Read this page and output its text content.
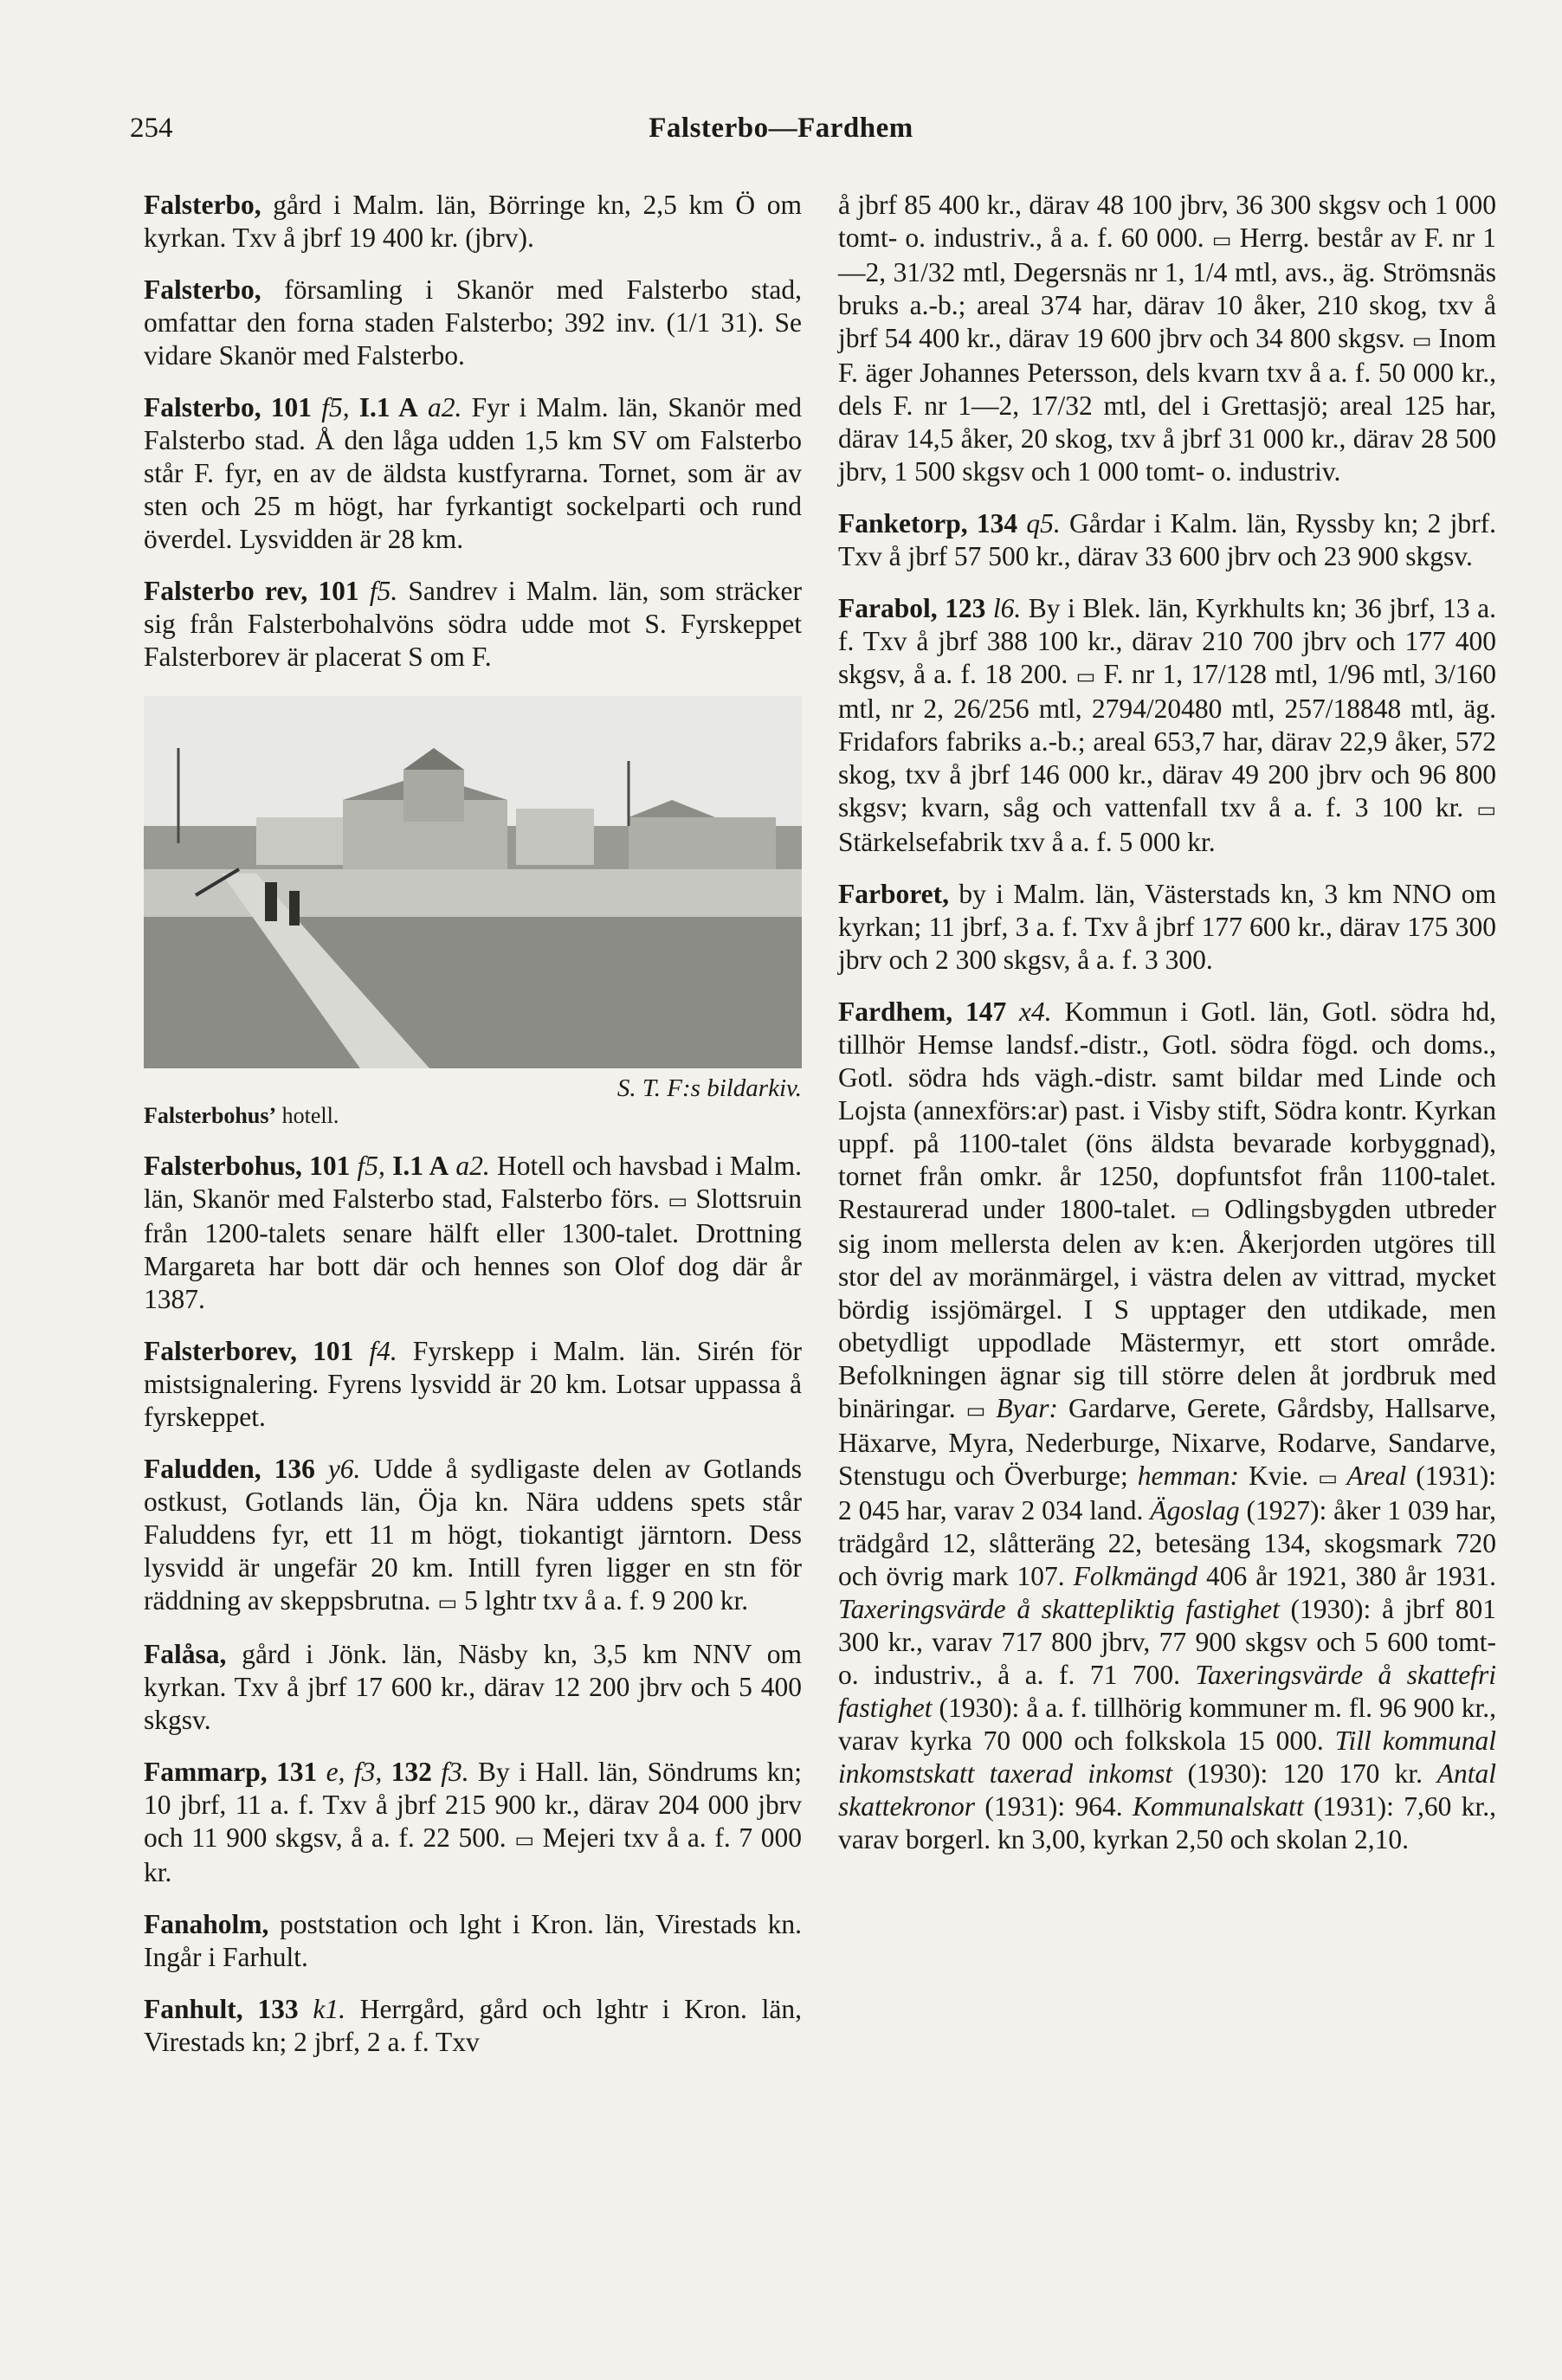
254	Falsterbo—Fardhem

Falsterbo, gård i Malm. län, Börringe kn, 2,5 km Ö om kyrkan. Txv å jbrf 19 400 kr. (jbrv).

Falsterbo, församling i Skanör med Falsterbo stad, omfattar den forna staden Falsterbo; 392 inv. (1/1 31). Se vidare Skanör med Falsterbo.

Falsterbo, 101 f5, I.1 A a2. Fyr i Malm. län, Skanör med Falsterbo stad. Å den låga udden 1,5 km SV om Falsterbo står F. fyr, en av de äldsta kustfyrarna. Tornet, som är av sten och 25 m högt, har fyrkantigt sockelparti och rund överdel. Lysvidden är 28 km.

Falsterbo rev, 101 f5. Sandrev i Malm. län, som sträcker sig från Falsterbohalvöns södra udde mot S. Fyrskeppet Falsterborev är placerat S om F.

S. T. F:s bildarkiv.
Falsterbohus’ hotell.

Falsterbohus, 101 f5, I.1 A a2. Hotell och havsbad i Malm. län, Skanör med Falsterbo stad, Falsterbo förs. ▭ Slottsruin från 1200-talets senare hälft eller 1300-talet. Drottning Margareta har bott där och hennes son Olof dog där år 1387.

Falsterborev, 101 f4. Fyrskepp i Malm. län. Sirén för mistsignalering. Fyrens lysvidd är 20 km. Lotsar uppassa å fyrskeppet.

Faludden, 136 y6. Udde å sydligaste delen av Gotlands ostkust, Gotlands län, Öja kn. Nära uddens spets står Faluddens fyr, ett 11 m högt, tiokantigt järntorn. Dess lysvidd är ungefär 20 km. Intill fyren ligger en stn för räddning av skeppsbrutna. ▭ 5 lghtr txv å a. f. 9 200 kr.

Falåsa, gård i Jönk. län, Näsby kn, 3,5 km NNV om kyrkan. Txv å jbrf 17 600 kr., därav 12 200 jbrv och 5 400 skgsv.

Fammarp, 131 e, f3, 132 f3. By i Hall. län, Söndrums kn; 10 jbrf, 11 a. f. Txv å jbrf 215 900 kr., därav 204 000 jbrv och 11 900 skgsv, å a. f. 22 500. ▭ Mejeri txv å a. f. 7 000 kr.

Fanaholm, poststation och lght i Kron. län, Virestads kn. Ingår i Farhult.

Fanhult, 133 k1. Herrgård, gård och lghtr i Kron. län, Virestads kn; 2 jbrf, 2 a. f. Txv

å jbrf 85 400 kr., därav 48 100 jbrv, 36 300 skgsv och 1 000 tomt- o. industriv., å a. f. 60 000. ▭ Herrg. består av F. nr 1—2, 31/32 mtl, Degersnäs nr 1, 1/4 mtl, avs., äg. Strömsnäs bruks a.-b.; areal 374 har, därav 10 åker, 210 skog, txv å jbrf 54 400 kr., därav 19 600 jbrv och 34 800 skgsv. ▭ Inom F. äger Johannes Petersson, dels kvarn txv å a. f. 50 000 kr., dels F. nr 1—2, 17/32 mtl, del i Grettasjö; areal 125 har, därav 14,5 åker, 20 skog, txv å jbrf 31 000 kr., därav 28 500 jbrv, 1 500 skgsv och 1 000 tomt- o. industriv.

Fanketorp, 134 q5. Gårdar i Kalm. län, Ryssby kn; 2 jbrf. Txv å jbrf 57 500 kr., därav 33 600 jbrv och 23 900 skgsv.

Farabol, 123 l6. By i Blek. län, Kyrkhults kn; 36 jbrf, 13 a. f. Txv å jbrf 388 100 kr., därav 210 700 jbrv och 177 400 skgsv, å a. f. 18 200. ▭ F. nr 1, 17/128 mtl, 1/96 mtl, 3/160 mtl, nr 2, 26/256 mtl, 2794/20480 mtl, 257/18848 mtl, äg. Fridafors fabriks a.-b.; areal 653,7 har, därav 22,9 åker, 572 skog, txv å jbrf 146 000 kr., därav 49 200 jbrv och 96 800 skgsv; kvarn, såg och vattenfall txv å a. f. 3 100 kr. ▭ Stärkelsefabrik txv å a. f. 5 000 kr.

Farboret, by i Malm. län, Västerstads kn, 3 km NNO om kyrkan; 11 jbrf, 3 a. f. Txv å jbrf 177 600 kr., därav 175 300 jbrv och 2 300 skgsv, å a. f. 3 300.

Fardhem, 147 x4. Kommun i Gotl. län, Gotl. södra hd, tillhör Hemse landsf.-distr., Gotl. södra fögd. och doms., Gotl. södra hds vägh.-distr. samt bildar med Linde och Lojsta (annexförs:ar) past. i Visby stift, Södra kontr. Kyrkan uppf. på 1100-talet (öns äldsta bevarade korbyggnad), tornet från omkr. år 1250, dopfuntsfot från 1100-talet. Restaurerad under 1800-talet. ▭ Odlingsbygden utbreder sig inom mellersta delen av k:en. Åkerjorden utgöres till stor del av moränmärgel, i västra delen av vittrad, mycket bördig issjömärgel. I S upptager den utdikade, men obetydligt uppodlade Mästermyr, ett stort område. Befolkningen ägnar sig till större delen åt jordbruk med binäringar. ▭ Byar: Gardarve, Gerete, Gårdsby, Hallsarve, Häxarve, Myra, Nederburge, Nixarve, Rodarve, Sandarve, Stenstugu och Överburge; hemman: Kvie. ▭ Areal (1931): 2 045 har, varav 2 034 land. Ägoslag (1927): åker 1 039 har, trädgård 12, slåtteräng 22, betesäng 134, skogsmark 720 och övrig mark 107. Folkmängd 406 år 1921, 380 år 1931. Taxeringsvärde å skattepliktig fastighet (1930): å jbrf 801 300 kr., varav 717 800 jbrv, 77 900 skgsv och 5 600 tomt- o. industriv., å a. f. 71 700. Taxeringsvärde å skattefri fastighet (1930): å a. f. tillhörig kommuner m. fl. 96 900 kr., varav kyrka 70 000 och folkskola 15 000. Till kommunal inkomstskatt taxerad inkomst (1930): 120 170 kr. Antal skattekronor (1931): 964. Kommunalskatt (1931): 7,60 kr., varav borgerl. kn 3,00, kyrkan 2,50 och skolan 2,10.
